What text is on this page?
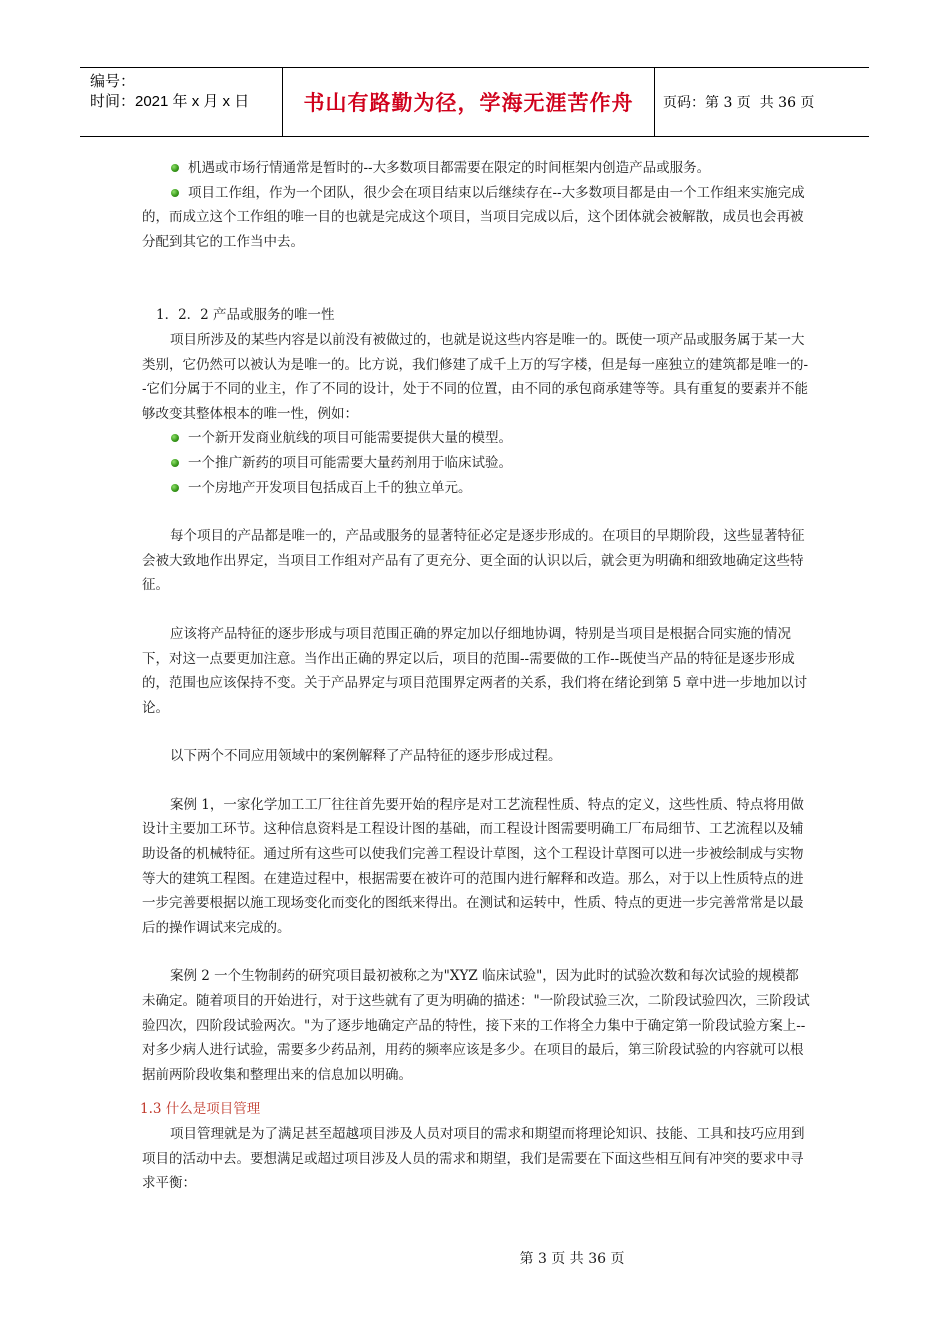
编号：
时间：2021 年 x 月 x 日	书山有路勤为径，学海无涯苦作舟	页码：第 3 页  共 36 页

机遇或市场行情通常是暂时的--大多数项目都需要在限定的时间框架内创造产品或服务。

项目工作组，作为一个团队，很少会在项目结束以后继续存在--大多数项目都是由一个工作组来实施完成的，而成立这个工作组的唯一目的也就是完成这个项目，当项目完成以后，这个团体就会被解散，成员也会再被分配到其它的工作当中去。

1．2．2 产品或服务的唯一性

项目所涉及的某些内容是以前没有被做过的，也就是说这些内容是唯一的。既使一项产品或服务属于某一大类别，它仍然可以被认为是唯一的。比方说，我们修建了成千上万的写字楼，但是每一座独立的建筑都是唯一的--它们分属于不同的业主，作了不同的设计，处于不同的位置，由不同的承包商承建等等。具有重复的要素并不能够改变其整体根本的唯一性，例如：

一个新开发商业航线的项目可能需要提供大量的模型。

一个推广新药的项目可能需要大量药剂用于临床试验。

一个房地产开发项目包括成百上千的独立单元。

每个项目的产品都是唯一的，产品或服务的显著特征必定是逐步形成的。在项目的早期阶段，这些显著特征会被大致地作出界定，当项目工作组对产品有了更充分、更全面的认识以后，就会更为明确和细致地确定这些特征。

应该将产品特征的逐步形成与项目范围正确的界定加以仔细地协调，特别是当项目是根据合同实施的情况下，对这一点要更加注意。当作出正确的界定以后，项目的范围--需要做的工作--既使当产品的特征是逐步形成的，范围也应该保持不变。关于产品界定与项目范围界定两者的关系，我们将在绪论到第 5 章中进一步地加以讨论。

以下两个不同应用领域中的案例解释了产品特征的逐步形成过程。

案例 1，一家化学加工工厂往往首先要开始的程序是对工艺流程性质、特点的定义，这些性质、特点将用做设计主要加工环节。这种信息资料是工程设计图的基础，而工程设计图需要明确工厂布局细节、工艺流程以及辅助设备的机械特征。通过所有这些可以使我们完善工程设计草图，这个工程设计草图可以进一步被绘制成与实物等大的建筑工程图。在建造过程中，根据需要在被许可的范围内进行解释和改造。那么，对于以上性质特点的进一步完善要根据以施工现场变化而变化的图纸来得出。在测试和运转中，性质、特点的更进一步完善常常是以最后的操作调试来完成的。

案例 2 一个生物制药的研究项目最初被称之为"XYZ 临床试验"，因为此时的试验次数和每次试验的规模都未确定。随着项目的开始进行，对于这些就有了更为明确的描述："一阶段试验三次，二阶段试验四次，三阶段试验四次，四阶段试验两次。"为了逐步地确定产品的特性，接下来的工作将全力集中于确定第一阶段试验方案上--对多少病人进行试验，需要多少药品剂，用药的频率应该是多少。在项目的最后，第三阶段试验的内容就可以根据前两阶段收集和整理出来的信息加以明确。

1.3 什么是项目管理

项目管理就是为了满足甚至超越项目涉及人员对项目的需求和期望而将理论知识、技能、工具和技巧应用到项目的活动中去。要想满足或超过项目涉及人员的需求和期望，我们是需要在下面这些相互间有冲突的要求中寻求平衡：

第 3 页 共 36 页
